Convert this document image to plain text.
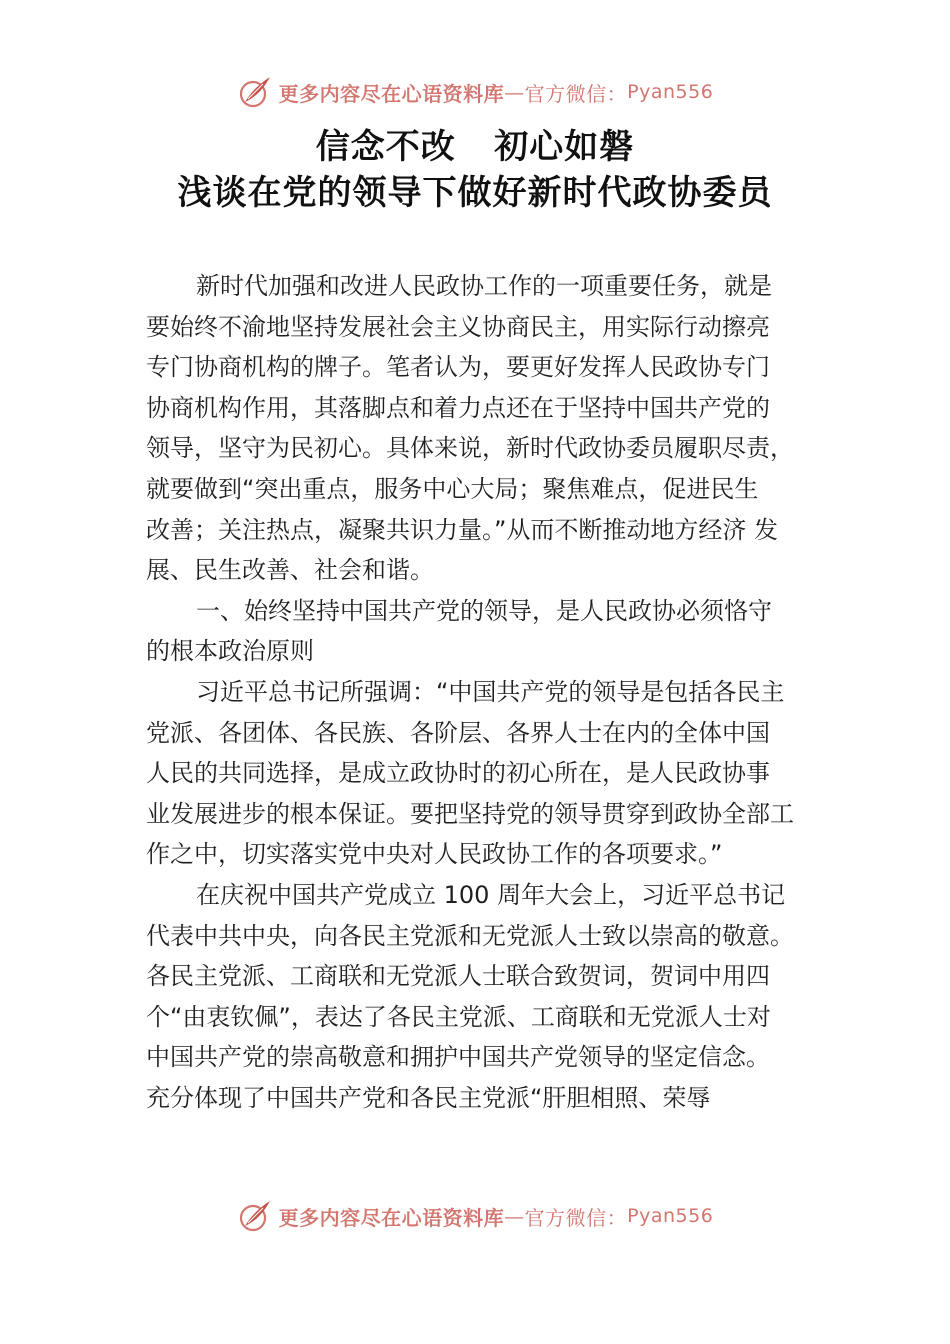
更多内容尽在心语资料库 — 官方微信： Pyan556
信念不改   初心如磐
浅谈在党的领导下做好新时代政协委员
新时代加强和改进人民政协工作的一项重要任务，就是
要始终不渝地坚持发展社会主义协商民主，用实际行动擦亮
专门协商机构的牌子。笔者认为，要更好发挥人民政协专门
协商机构作用，其落脚点和着力点还在于坚持中国共产党的
领导，坚守为民初心。具体来说，新时代政协委员履职尽责，
就要做到“突出重点，服务中心大局；聚焦难点，促进民生
改善；关注热点，凝聚共识力量。”从而不断推动地方经济 发
展、民生改善、社会和谐。
一、始终坚持中国共产党的领导，是人民政协必须恪守
的根本政治原则
习近平总书记所强调：“中国共产党的领导是包括各民主
党派、各团体、各民族、各阶层、各界人士在内的全体中国
人民的共同选择，是成立政协时的初心所在，是人民政协事
业发展进步的根本保证。要把坚持党的领导贯穿到政协全部工
作之中，切实落实党中央对人民政协工作的各项要求。”
在庆祝中国共产党成立 100 周年大会上，习近平总书记
代表中共中央，向各民主党派和无党派人士致以崇高的敬意。
各民主党派、工商联和无党派人士联合致贺词，贺词中用四
个“由衷钦佩”，表达了各民主党派、工商联和无党派人士对
中国共产党的崇高敬意和拥护中国共产党领导的坚定信念。
充分体现了中国共产党和各民主党派“肝胆相照、荣辱
更多内容尽在心语资料库 — 官方微信： Pyan556
